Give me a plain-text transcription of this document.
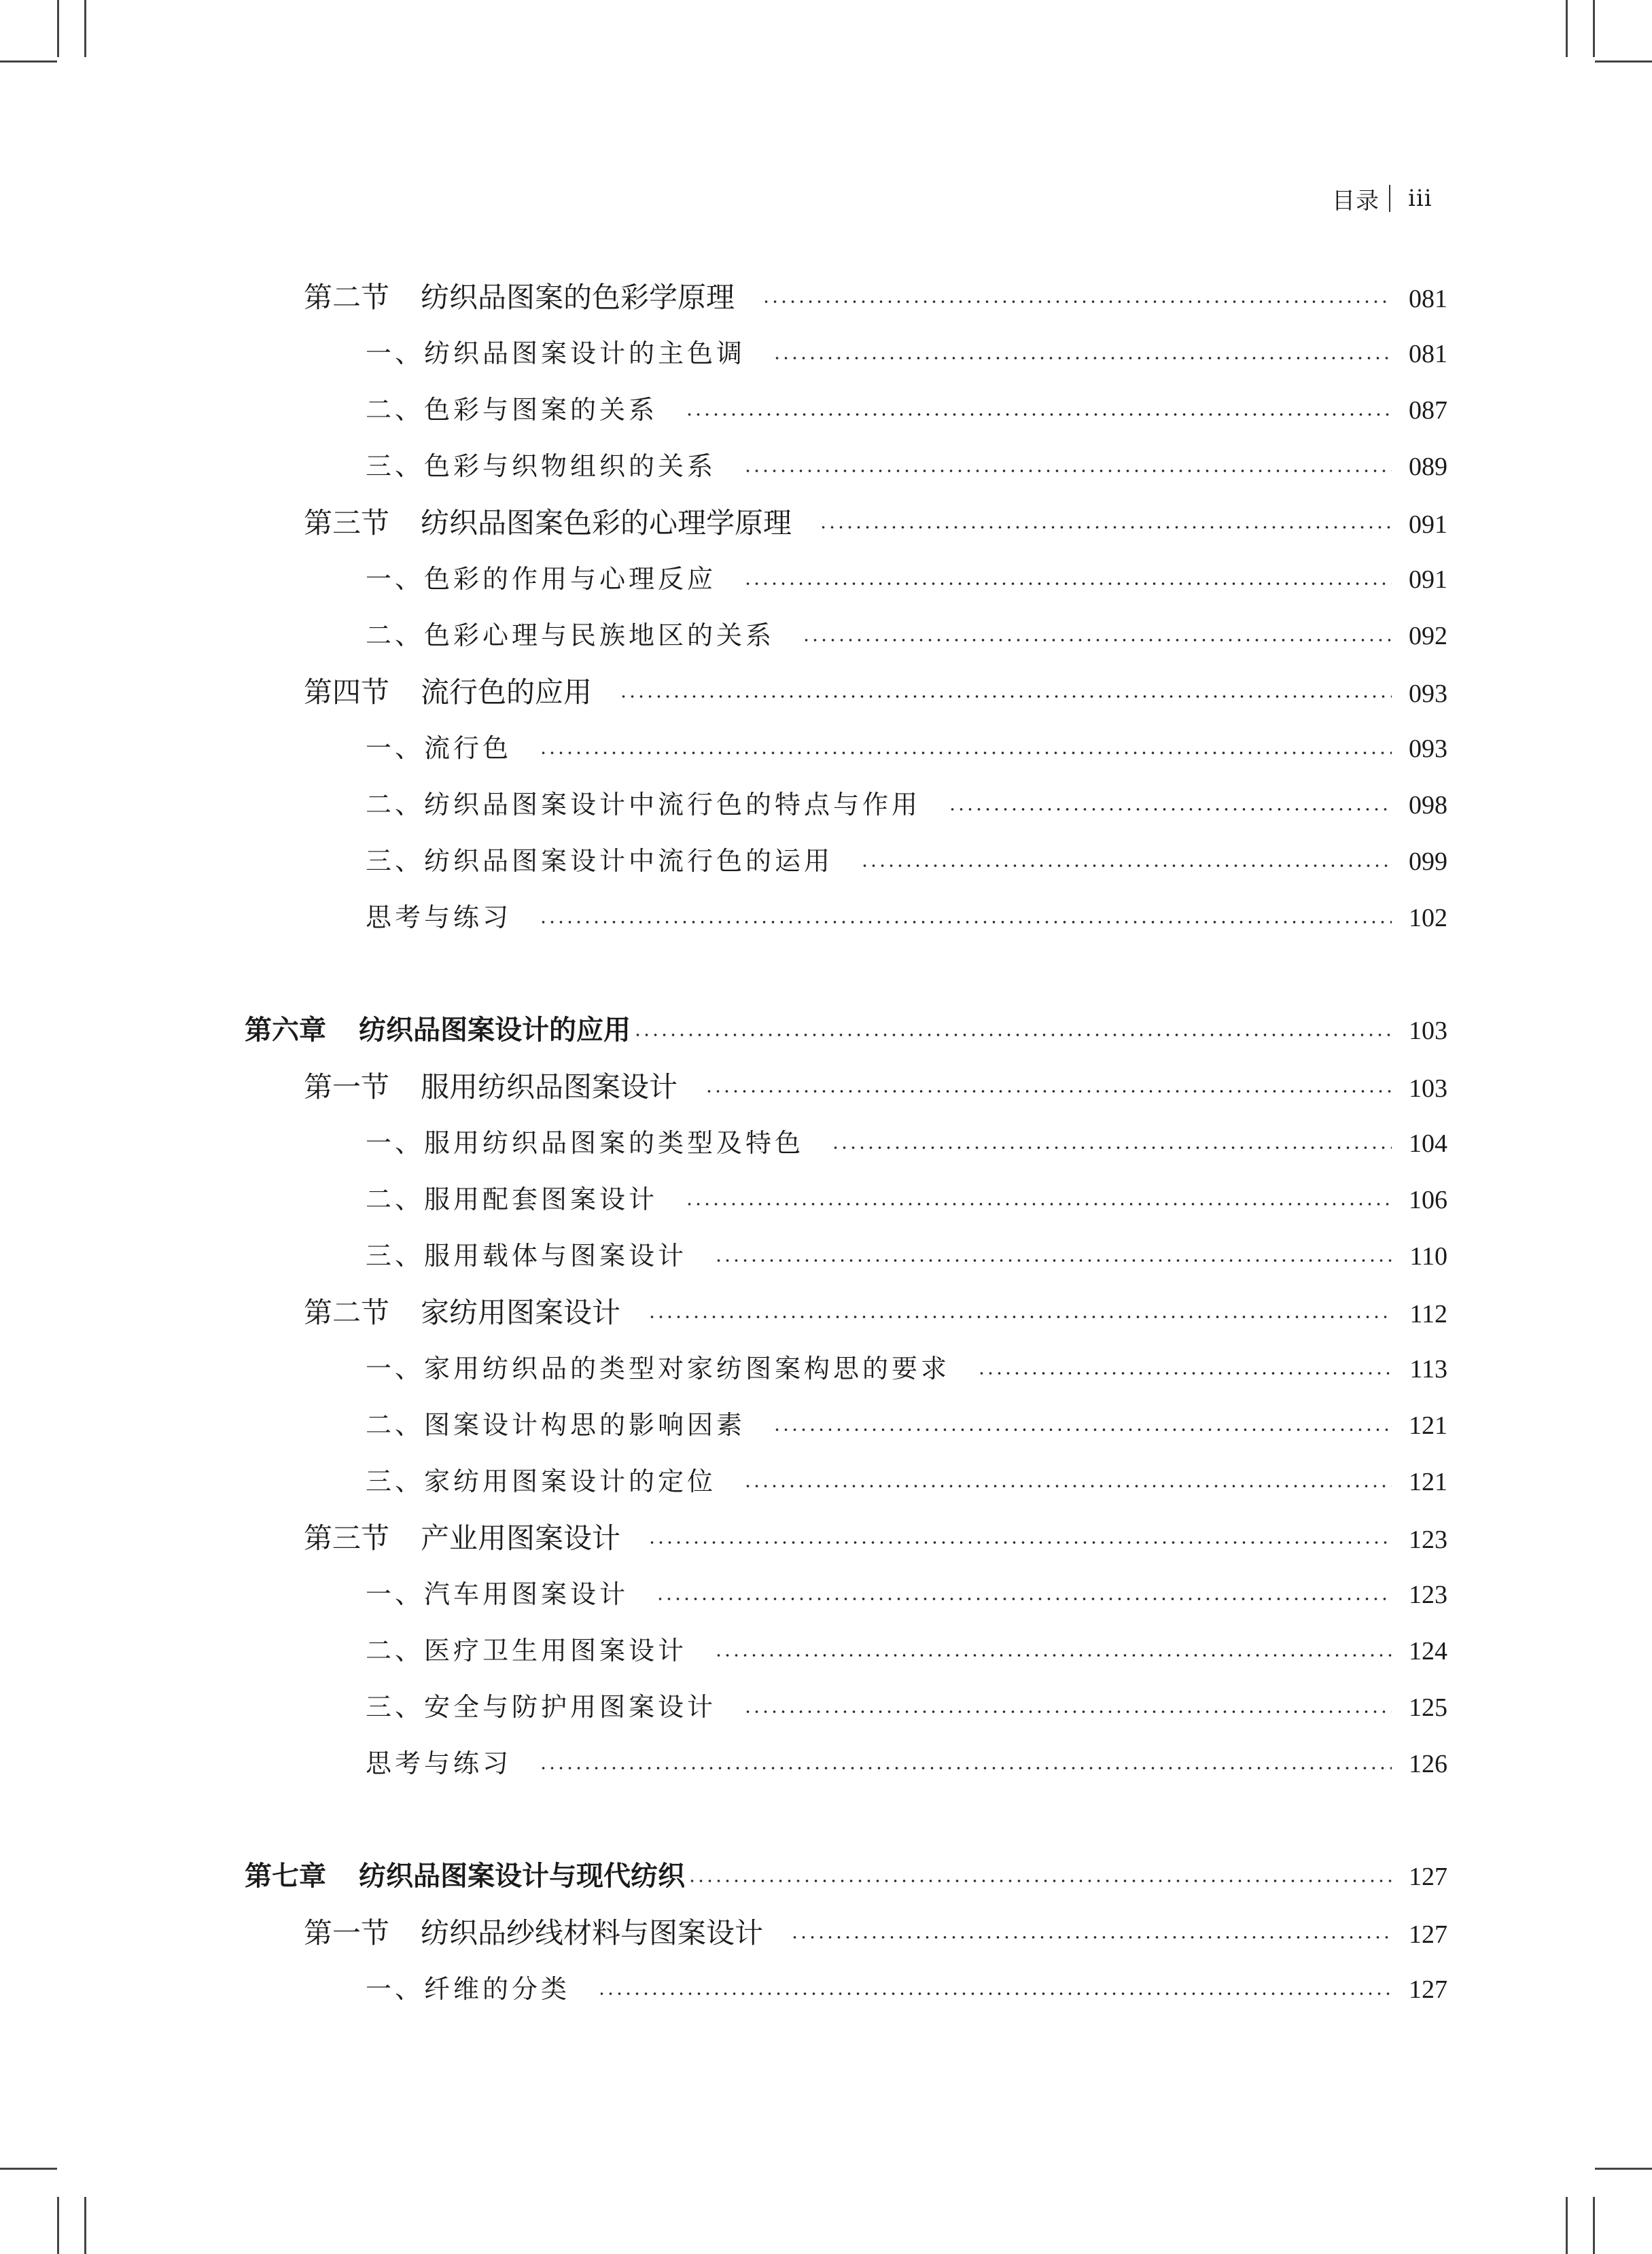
目录 iii
第二节 纺织品图案的色彩学原理	081
一、纺织品图案设计的主色调	081
二、色彩与图案的关系	087
三、色彩与织物组织的关系	089
第三节 纺织品图案色彩的心理学原理	091
一、色彩的作用与心理反应	091
二、色彩心理与民族地区的关系	092
第四节 流行色的应用	093
一、流行色	093
二、纺织品图案设计中流行色的特点与作用	098
三、纺织品图案设计中流行色的运用	099
思考与练习	102
第六章 纺织品图案设计的应用	103
第一节 服用纺织品图案设计	103
一、服用纺织品图案的类型及特色	104
二、服用配套图案设计	106
三、服用载体与图案设计	110
第二节 家纺用图案设计	112
一、家用纺织品的类型对家纺图案构思的要求	113
二、图案设计构思的影响因素	121
三、家纺用图案设计的定位	121
第三节 产业用图案设计	123
一、汽车用图案设计	123
二、医疗卫生用图案设计	124
三、安全与防护用图案设计	125
思考与练习	126
第七章 纺织品图案设计与现代纺织	127
第一节 纺织品纱线材料与图案设计	127
一、纤维的分类	127
